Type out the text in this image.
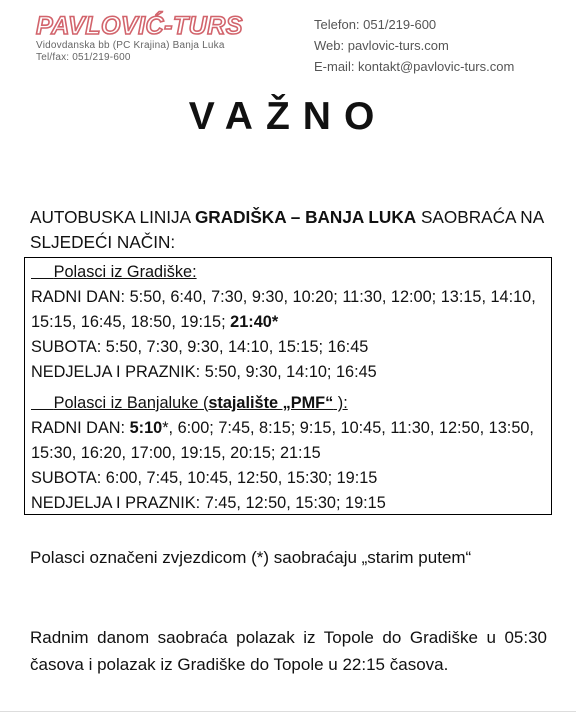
PAVLOVIĆ-TURS
Vidovdanska bb (PC Krajina) Banja Luka
Tel/fax: 051/219-600
Telefon: 051/219-600
Web: pavlovic-turs.com
E-mail: kontakt@pavlovic-turs.com
VAŽNO
AUTOBUSKA LINIJA GRADIŠKA – BANJA LUKA SAOBRAĆA NA SLJEDEĆI NAČIN:
Polasci iz Gradiške:
RADNI DAN: 5:50, 6:40, 7:30, 9:30, 10:20; 11:30, 12:00; 13:15, 14:10, 15:15, 16:45, 18:50, 19:15; 21:40*
SUBOTA: 5:50, 7:30, 9:30, 14:10, 15:15; 16:45
NEDJELJA I PRAZNIK: 5:50, 9:30, 14:10; 16:45
Polasci iz Banjaluke (stajalište „PMF“ ):
RADNI DAN: 5:10*, 6:00; 7:45, 8:15; 9:15, 10:45, 11:30, 12:50, 13:50, 15:30, 16:20, 17:00, 19:15, 20:15; 21:15
SUBOTA: 6:00, 7:45, 10:45, 12:50, 15:30; 19:15
NEDJELJA I PRAZNIK: 7:45, 12:50, 15:30; 19:15
Polasci označeni zvjezdicom (*) saobraćaju „starim putem“
Radnim danom saobraća polazak iz Topole do Gradiške u 05:30 časova i polazak iz Gradiške do Topole u 22:15 časova.
